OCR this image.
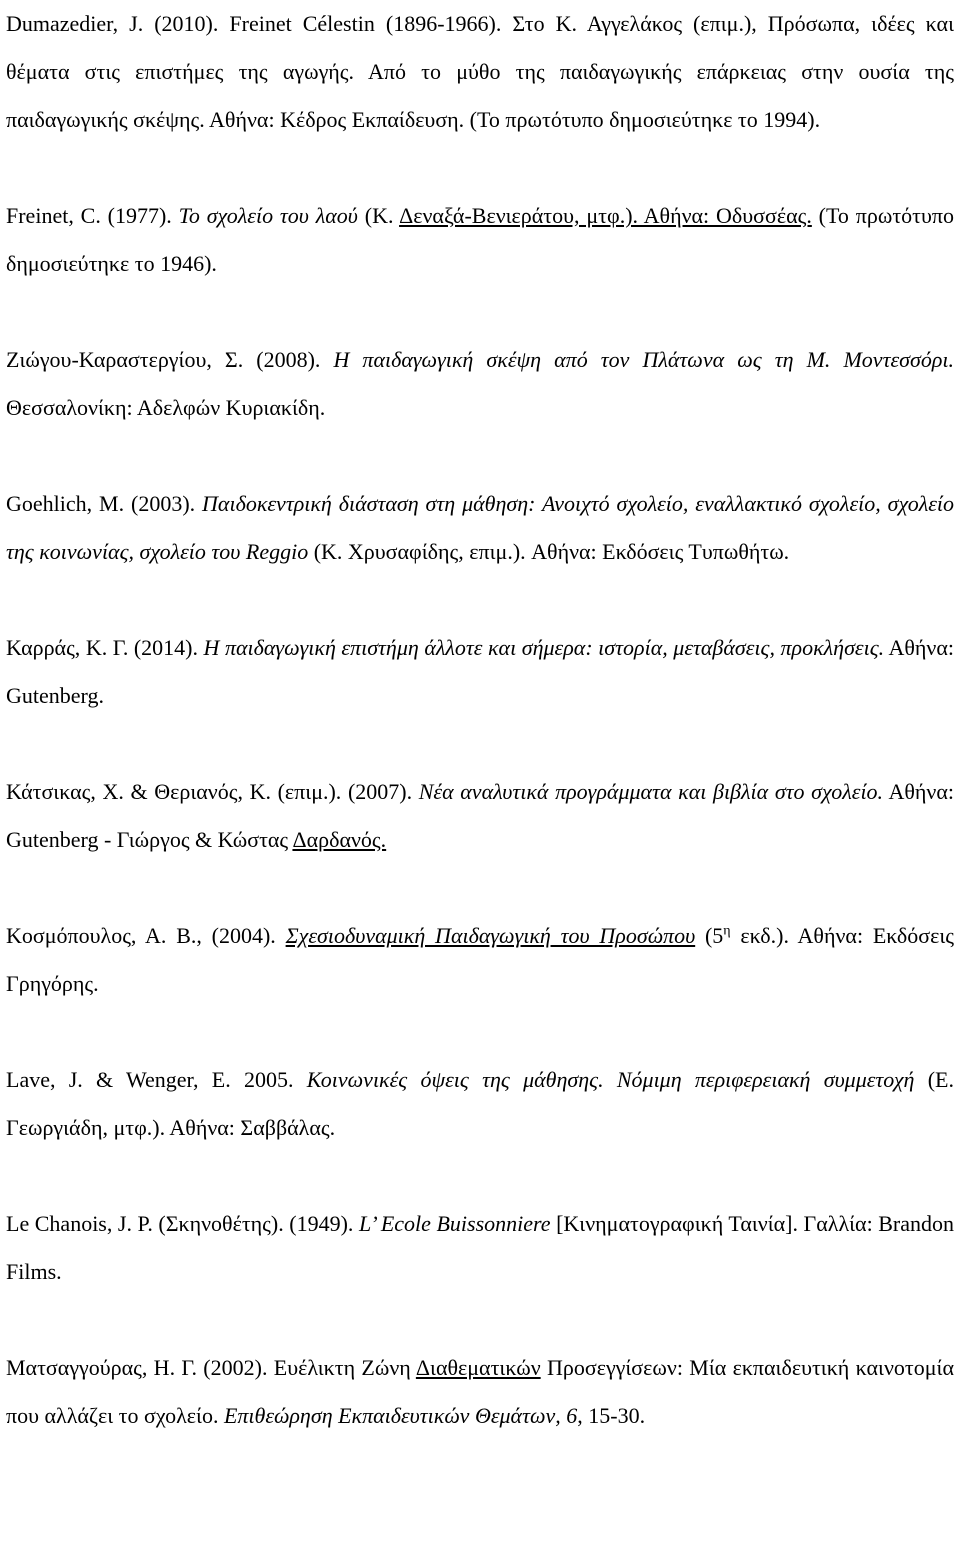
Dumazedier, J. (2010). Freinet Célestin (1896-1966). Στο Κ. Αγγελάκος (επιμ.), Πρόσωπα, ιδέες και θέματα στις επιστήμες της αγωγής. Από το μύθο της παιδαγωγικής επάρκειας στην ουσία της παιδαγωγικής σκέψης. Αθήνα: Κέδρος Εκπαίδευση. (Το πρωτότυπο δημοσιεύτηκε το 1994).

Freinet, C. (1977). Το σχολείο του λαού (Κ. Δεναξά-Βενιεράτου, μτφ.). Αθήνα: Οδυσσέας. (Το πρωτότυπο δημοσιεύτηκε το 1946).

Ζιώγου-Καραστεργίου, Σ. (2008). Η παιδαγωγική σκέψη από τον Πλάτωνα ως τη Μ. Μοντεσσόρι. Θεσσαλονίκη: Αδελφών Κυριακίδη.

Goehlich, M. (2003). Παιδοκεντρική διάσταση στη μάθηση: Ανοιχτό σχολείο, εναλλακτικό σχολείο, σχολείο της κοινωνίας, σχολείο του Reggio (Κ. Χρυσαφίδης, επιμ.). Αθήνα: Εκδόσεις Τυπωθήτω.

Καρράς, Κ. Γ. (2014). Η παιδαγωγική επιστήμη άλλοτε και σήμερα: ιστορία, μεταβάσεις, προκλήσεις. Αθήνα: Gutenberg.

Κάτσικας, Χ. & Θεριανός, Κ. (επιμ.). (2007). Νέα αναλυτικά προγράμματα και βιβλία στο σχολείο. Αθήνα: Gutenberg - Γιώργος & Κώστας Δαρδανός.

Κοσμόπουλος, Α. Β., (2004). Σχεσιοδυναμική Παιδαγωγική του Προσώπου ($5^\eta$ εκδ.). Αθήνα: Εκδόσεις Γρηγόρης.

Lave, J. & Wenger, E. 2005. Κοινωνικές όψεις της μάθησης. Νόμιμη περιφερειακή συμμετοχή (Ε. Γεωργιάδη, μτφ.). Αθήνα: Σαββάλας.

Le Chanois, J. P. (Σκηνοθέτης). (1949). L’ Ecole Buissonniere [Κινηματογραφική Ταινία]. Γαλλία: Brandon Films.

Ματσαγγούρας, Η. Γ. (2002). Ευέλικτη Ζώνη Διαθεματικών Προσεγγίσεων: Μία εκπαιδευτική καινοτομία που αλλάζει το σχολείο. Επιθεώρηση Εκπαιδευτικών Θεμάτων, 6, 15-30.
